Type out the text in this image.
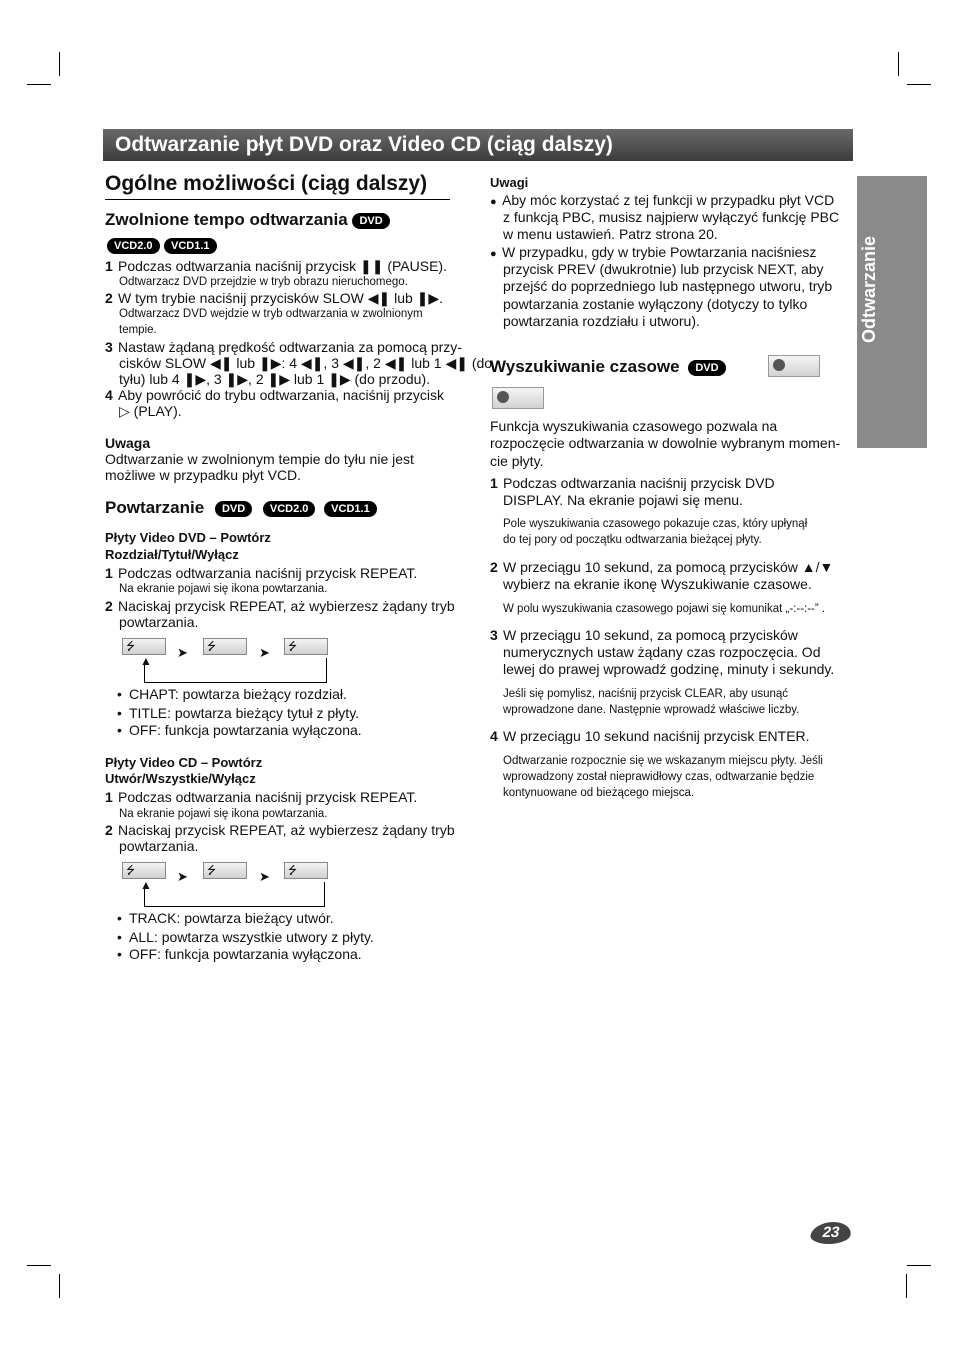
Odtwarzanie płyt DVD oraz Video CD (ciąg dalszy)
Odtwarzanie
Ogólne możliwości (ciąg dalszy)
Zwolnione tempo odtwarzania DVD
VCD2.0 VCD1.1
1 Podczas odtwarzania naciśnij przycisk ❚❚ (PAUSE).
Odtwarzacz DVD przejdzie w tryb obrazu nieruchomego.
2 W tym trybie naciśnij przycisków SLOW ◀❚ lub ❚▶.
Odtwarzacz DVD wejdzie w tryb odtwarzania w zwolnionym
tempie.
3 Nastaw żądaną prędkość odtwarzania za pomocą przy-
cisków SLOW ◀❚ lub ❚▶: 4 ◀❚, 3 ◀❚, 2 ◀❚ lub 1 ◀❚ (do
tyłu) lub 4 ❚▶, 3 ❚▶, 2 ❚▶ lub 1 ❚▶ (do przodu).
4 Aby powrócić do trybu odtwarzania, naciśnij przycisk
▷ (PLAY).
Uwaga
Odtwarzanie w zwolnionym tempie do tyłu nie jest
możliwe w przypadku płyt VCD.
Powtarzanie DVD VCD2.0 VCD1.1
Płyty Video DVD – Powtórz
Rozdział/Tytuł/Wyłącz
1 Podczas odtwarzania naciśnij przycisk REPEAT.
Na ekranie pojawi się ikona powtarzania.
2 Naciskaj przycisk REPEAT, aż wybierzesz żądany tryb
powtarzania.
⭍	➤	⭍	➤	⭍
▲
• CHAPT: powtarza bieżący rozdział.
• TITLE: powtarza bieżący tytuł z płyty.
• OFF: funkcja powtarzania wyłączona.
Płyty Video CD – Powtórz
Utwór/Wszystkie/Wyłącz
1 Podczas odtwarzania naciśnij przycisk REPEAT.
Na ekranie pojawi się ikona powtarzania.
2 Naciskaj przycisk REPEAT, aż wybierzesz żądany tryb
powtarzania.
⭍	➤	⭍	➤	⭍
▲
• TRACK: powtarza bieżący utwór.
• ALL: powtarza wszystkie utwory z płyty.
• OFF: funkcja powtarzania wyłączona.
Uwagi
● Aby móc korzystać z tej funkcji w przypadku płyt VCD
z funkcją PBC, musisz najpierw wyłączyć funkcję PBC
w menu ustawień. Patrz strona 20.
● W przypadku, gdy w trybie Powtarzania naciśniesz
przycisk PREV (dwukrotnie) lub przycisk NEXT, aby
przejść do poprzedniego lub następnego utworu, tryb
powtarzania zostanie wyłączony (dotyczy to tylko
powtarzania rozdziału i utworu).
Wyszukiwanie czasowe DVD
Funkcja wyszukiwania czasowego pozwala na
rozpoczęcie odtwarzania w dowolnie wybranym momen-
cie płyty.
1 Podczas odtwarzania naciśnij przycisk DVD
DISPLAY. Na ekranie pojawi się menu.
Pole wyszukiwania czasowego pokazuje czas, który upłynął
do tej pory od początku odtwarzania bieżącej płyty.
2 W przeciągu 10 sekund, za pomocą przycisków ▲/▼
wybierz na ekranie ikonę Wyszukiwanie czasowe.
W polu wyszukiwania czasowego pojawi się komunikat „-:--:--” .
3 W przeciągu 10 sekund, za pomocą przycisków
numerycznych ustaw żądany czas rozpoczęcia. Od
lewej do prawej wprowadź godzinę, minuty i sekundy.
Jeśli się pomylisz, naciśnij przycisk CLEAR, aby usunąć
wprowadzone dane. Następnie wprowadź właściwe liczby.
4 W przeciągu 10 sekund naciśnij przycisk ENTER.
Odtwarzanie rozpocznie się we wskazanym miejscu płyty. Jeśli
wprowadzony został nieprawidłowy czas, odtwarzanie będzie
kontynuowane od bieżącego miejsca.
23
